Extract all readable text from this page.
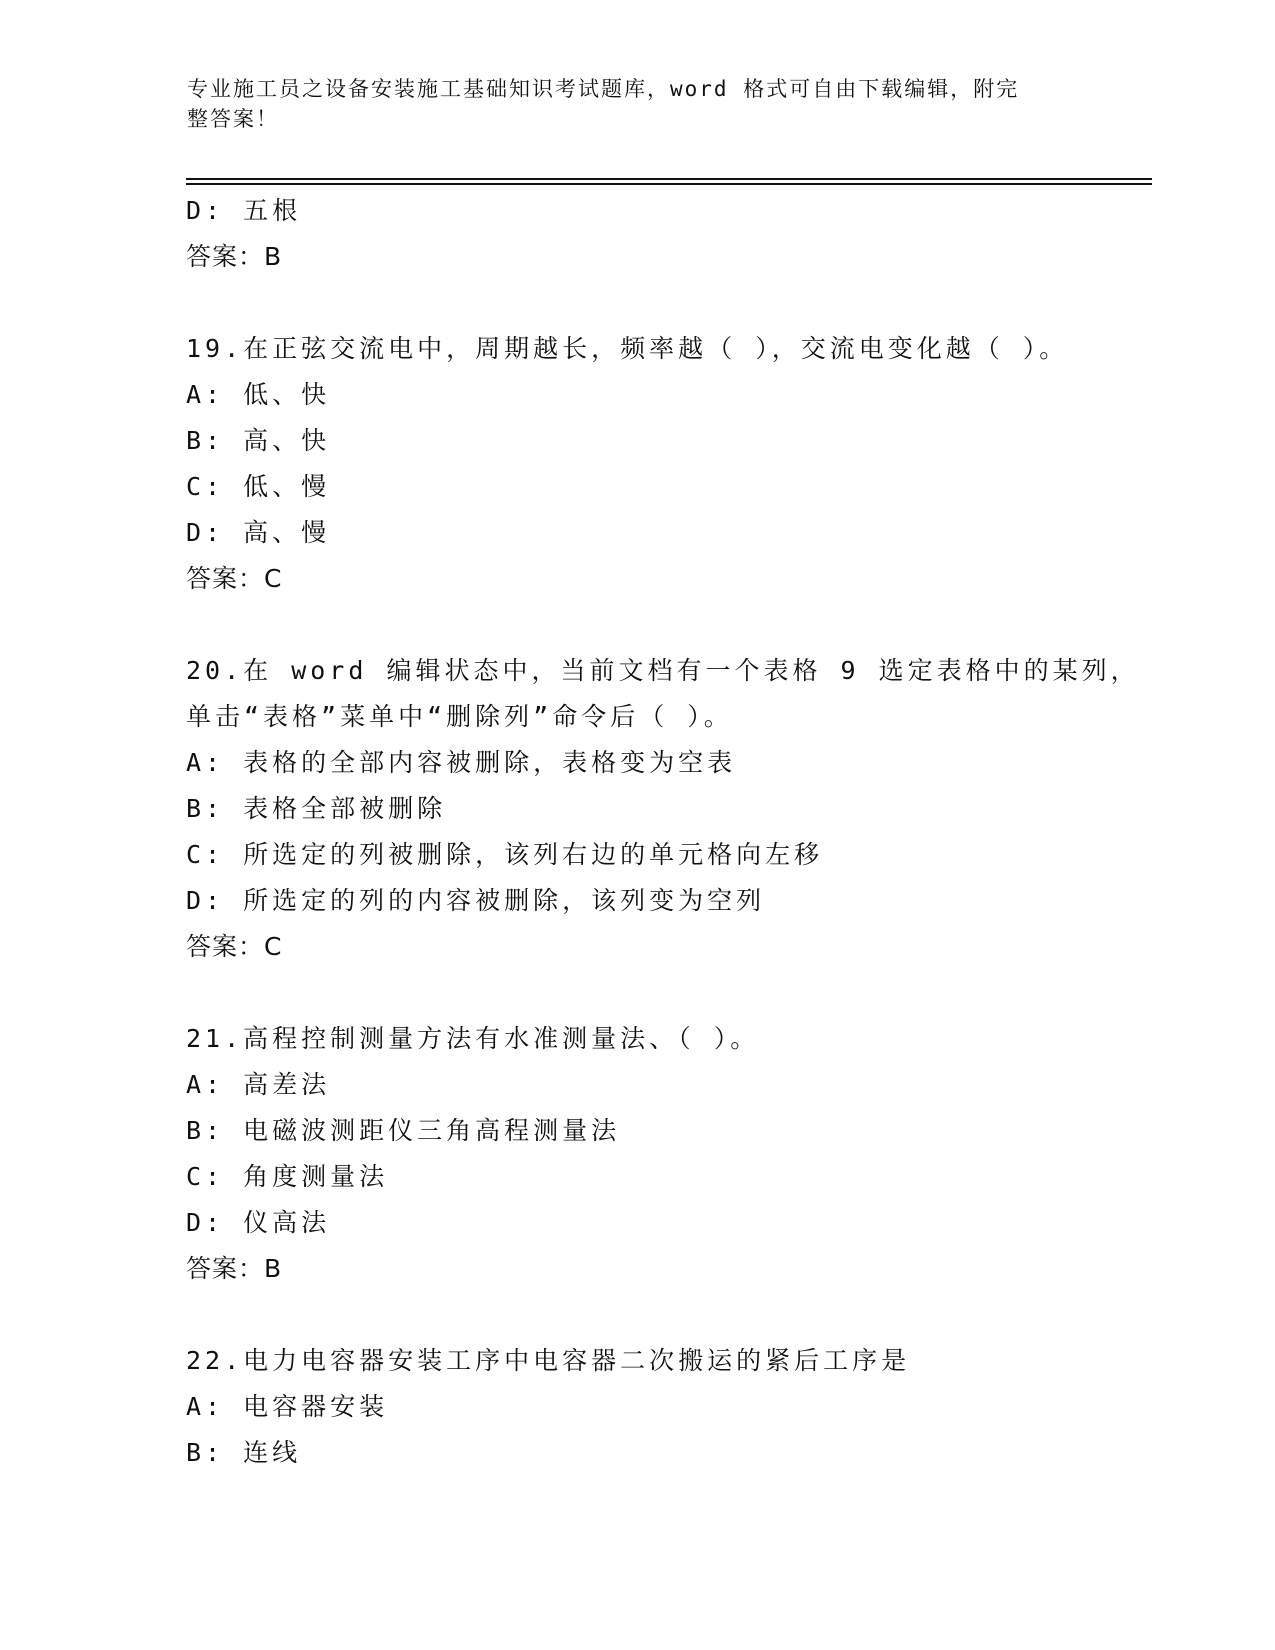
专业施工员之设备安装施工基础知识考试题库，word 格式可自由下载编辑，附完
整答案！
D: 五根
答案：B
19.在正弦交流电中，周期越长，频率越（ ），交流电变化越（ ）。
A: 低、快
B: 高、快
C: 低、慢
D: 高、慢
答案：C
20.在 word 编辑状态中，当前文档有一个表格 9 选定表格中的某列，
单击“表格”菜单中“删除列”命令后（ ）。
A: 表格的全部内容被删除，表格变为空表
B: 表格全部被删除
C: 所选定的列被删除，该列右边的单元格向左移
D: 所选定的列的内容被删除，该列变为空列
答案：C
21.高程控制测量方法有水准测量法、（ ）。
A: 高差法
B: 电磁波测距仪三角高程测量法
C: 角度测量法
D: 仪高法
答案：B
22.电力电容器安装工序中电容器二次搬运的紧后工序是
A: 电容器安装
B: 连线
